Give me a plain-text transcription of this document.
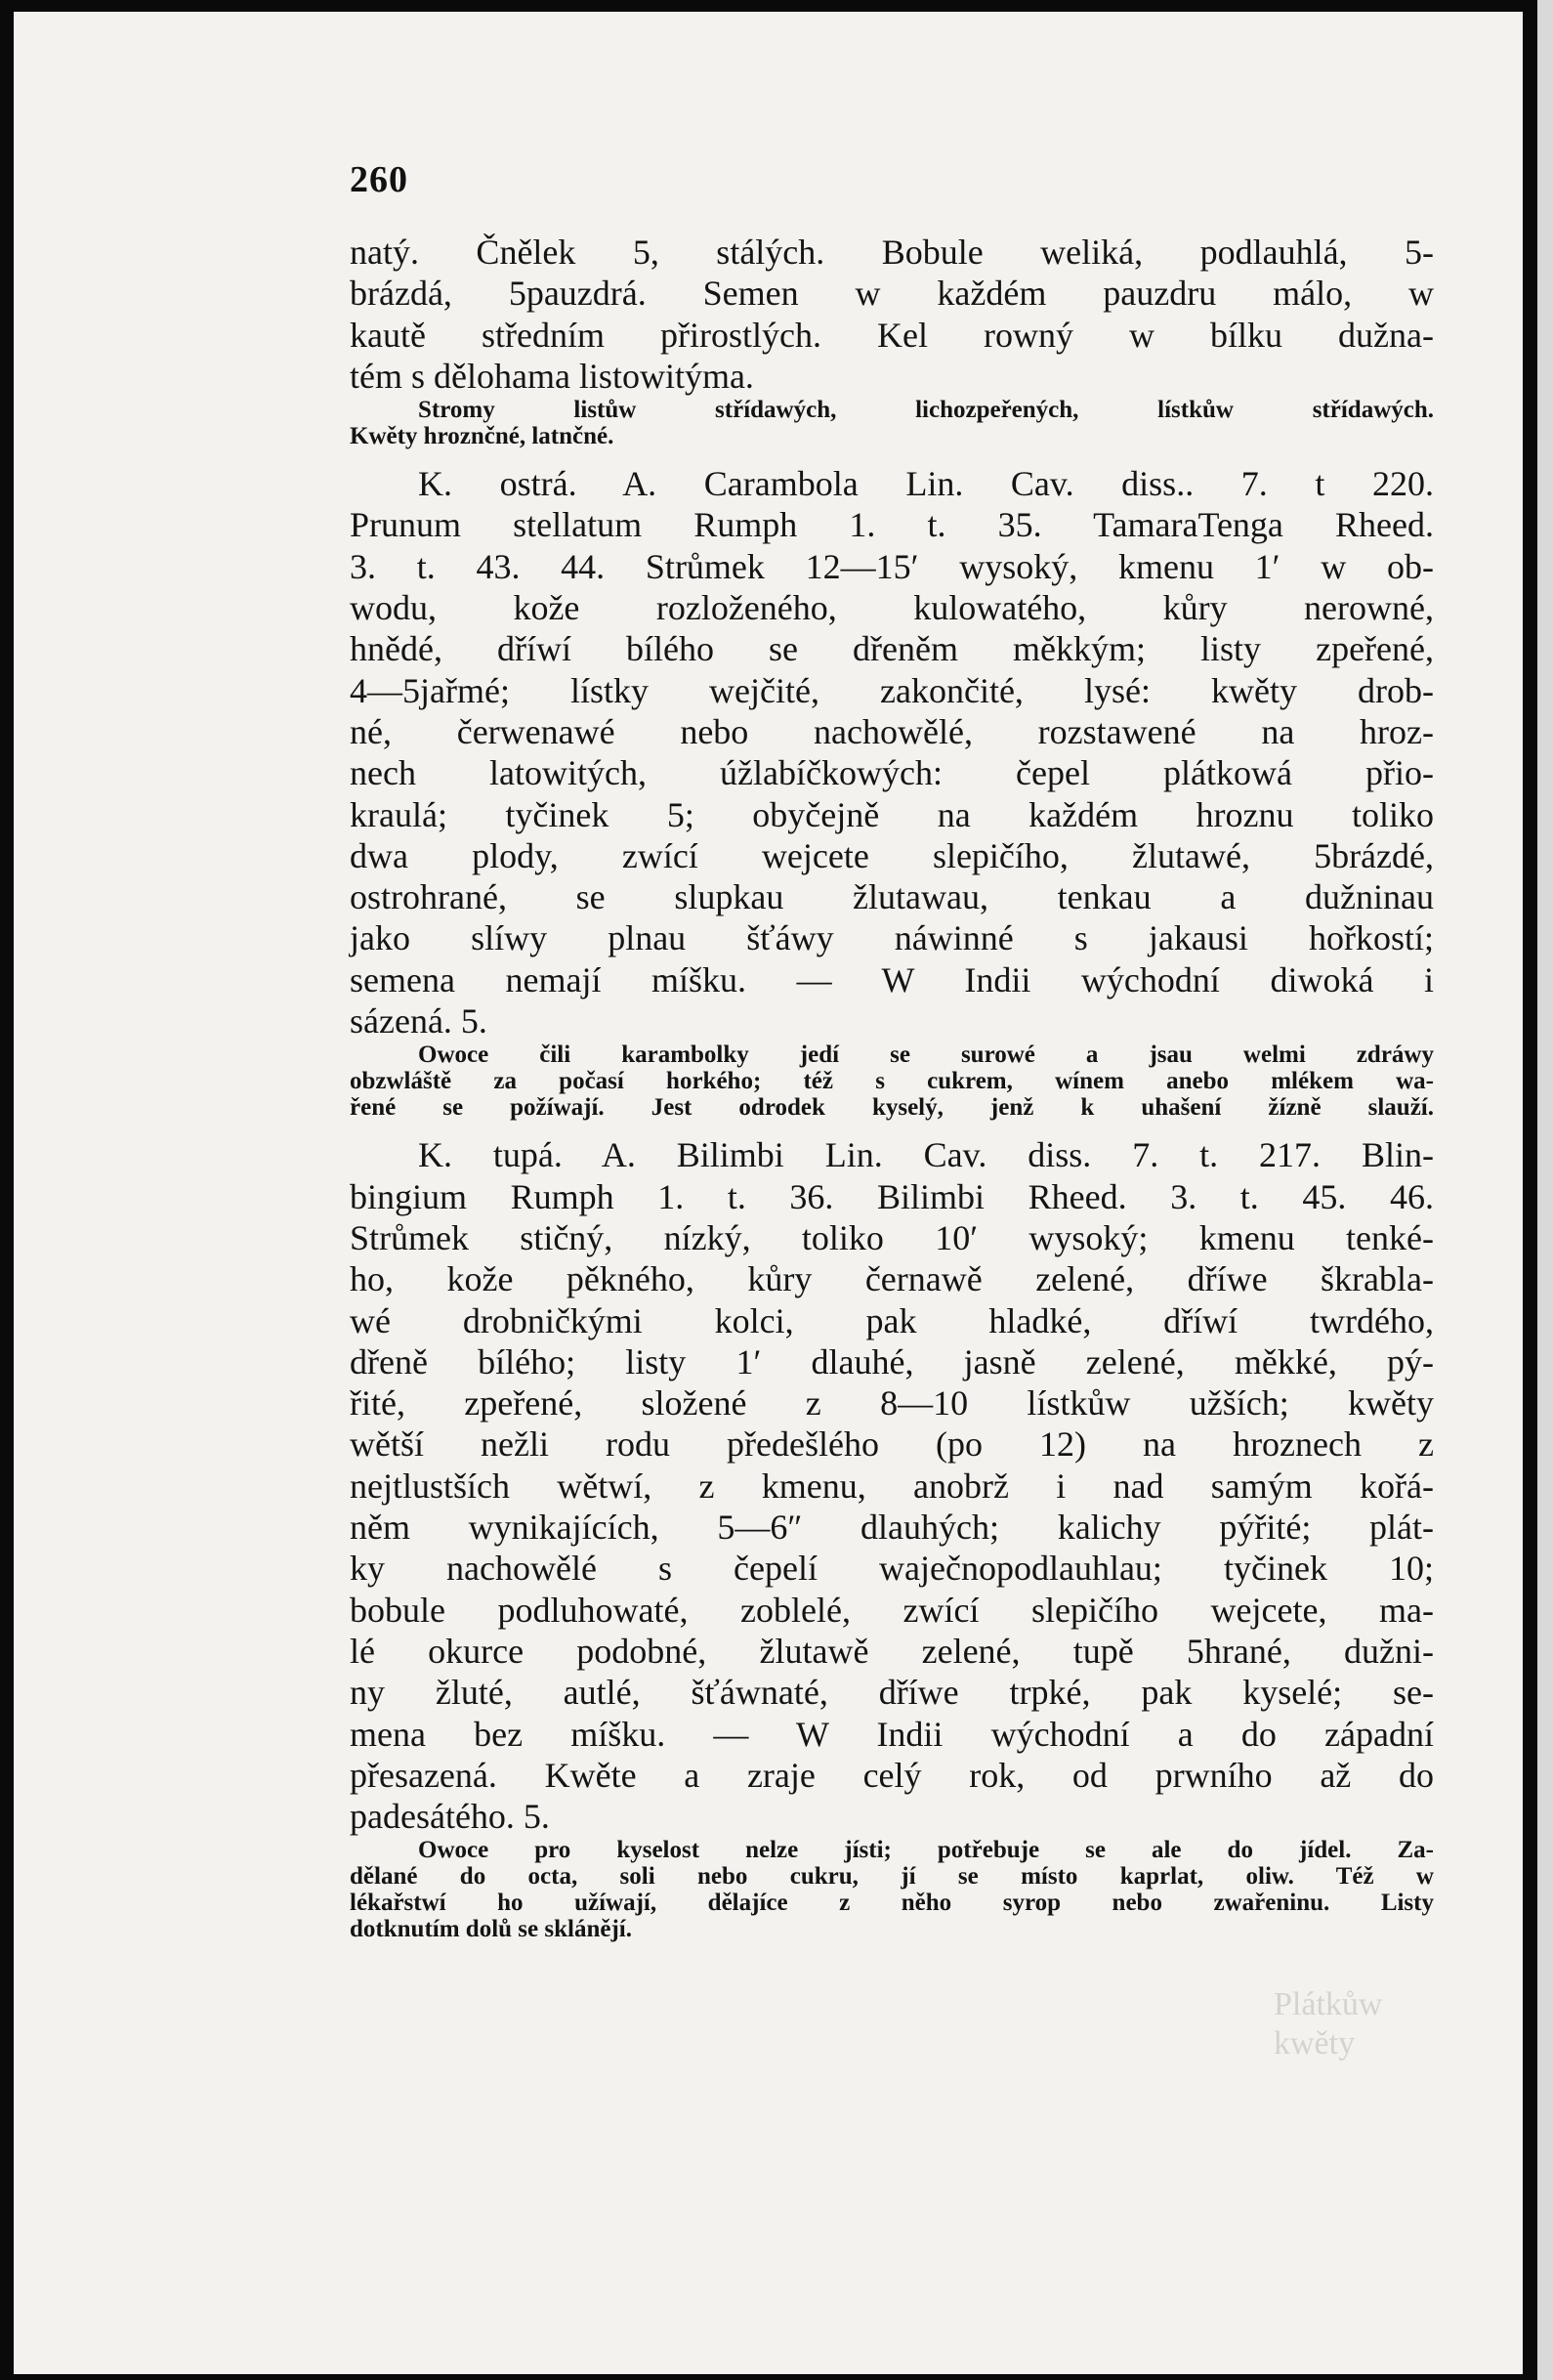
Plátkůw
kwěty
260

natý. Čnělek 5, stálých. Bobule weliká, podlauhlá, 5-

brázdá, 5pauzdrá. Semen w každém pauzdru málo, w

kautě středním přirostlých. Kel rowný w bílku dužna-

tém s dělohama listowitýma.

Stromy listůw střídawých, lichozpeřených, lístkůw střídawých.

Kwěty hroznčné, latnčné.

K. ostrá. A. Carambola Lin. Cav. diss.. 7. t 220.

Prunum stellatum Rumph 1. t. 35. TamaraTenga Rheed.

3. t. 43. 44. Strůmek 12—15′ wysoký, kmenu 1′ w ob-

wodu, kože rozloženého, kulowatého, kůry nerowné,

hnědé, dříwí bílého se dřeněm měkkým; listy zpeřené,

4—5jařmé; lístky wejčité, zakončité, lysé: kwěty drob-

né, čerwenawé nebo nachowělé, rozstawené na hroz-

nech latowitých, úžlabíčkowých: čepel plátkowá přio-

kraulá; tyčinek 5; obyčejně na každém hroznu toliko

dwa plody, zwící wejcete slepičího, žlutawé, 5brázdé,

ostrohrané, se slupkau žlutawau, tenkau a dužninau

jako slíwy plnau šťáwy náwinné s jakausi hořkostí;

semena nemají míšku. — W Indii wýchodní diwoká i

sázená. 5.

Owoce čili karambolky jedí se surowé a jsau welmi zdráwy

obzwláště za počasí horkého; též s cukrem, wínem anebo mlékem wa-

řené se požíwají. Jest odrodek kyselý, jenž k uhašení žízně slauží.

K. tupá. A. Bilimbi Lin. Cav. diss. 7. t. 217. Blin-

bingium Rumph 1. t. 36. Bilimbi Rheed. 3. t. 45. 46.

Strůmek stičný, nízký, toliko 10′ wysoký; kmenu tenké-

ho, kože pěkného, kůry černawě zelené, dříwe škrabla-

wé drobničkými kolci, pak hladké, dříwí twrdého,

dřeně bílého; listy 1′ dlauhé, jasně zelené, měkké, pý-

řité, zpeřené, složené z 8—10 lístkůw užších; kwěty

wětší nežli rodu předešlého (po 12) na hroznech z

nejtlustších wětwí, z kmenu, anobrž i nad samým kořá-

něm wynikajících, 5—6″ dlauhých; kalichy pýřité; plát-

ky nachowělé s čepelí waječnopodlauhlau; tyčinek 10;

bobule podluhowaté, zoblelé, zwící slepičího wejcete, ma-

lé okurce podobné, žlutawě zelené, tupě 5hrané, dužni-

ny žluté, autlé, šťáwnaté, dříwe trpké, pak kyselé; se-

mena bez míšku. — W Indii wýchodní a do západní

přesazená. Kwěte a zraje celý rok, od prwního až do

padesátého. 5.

Owoce pro kyselost nelze jísti; potřebuje se ale do jídel. Za-

dělané do octa, soli nebo cukru, jí se místo kaprlat, oliw. Též w

lékařstwí ho užíwají, dělajíce z něho syrop nebo zwařeninu. Listy

dotknutím dolů se sklánějí.
